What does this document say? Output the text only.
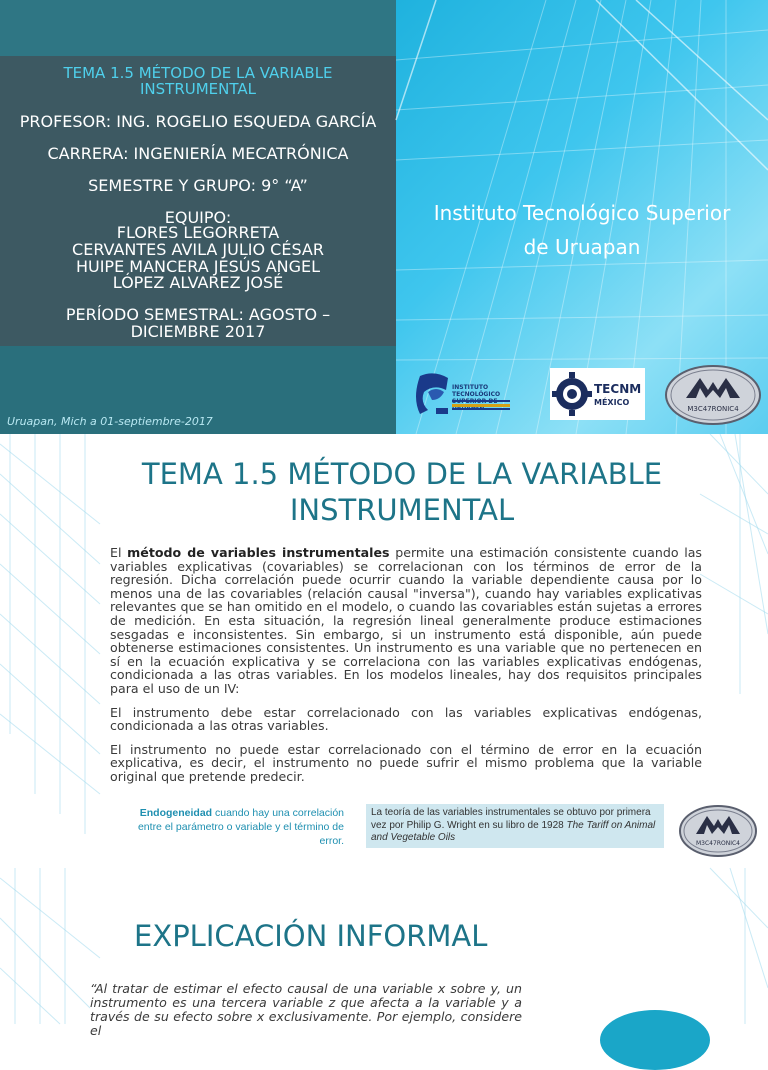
TEMA 1.5 MÉTODO DE LA VARIABLE INSTRUMENTAL
PROFESOR: ING. ROGELIO ESQUEDA GARCÍA
CARRERA: INGENIERÍA MECATRÓNICA
SEMESTRE Y GRUPO: 9° “A”
EQUIPO:
FLORES LEGORRETA
CERVANTES AVILA JULIO CÉSAR
HUIPE MANCERA JESÚS ANGEL
LÓPEZ ALVAREZ JOSÉ
PERÍODO SEMESTRAL: AGOSTO –
DICIEMBRE 2017
Uruapan, Mich a 01-septiembre-2017
Instituto Tecnológico Superior
de Uruapan
INSTITUTO TECNOLÓGICO	TECNM
MÉXICO
M3C47RONIC4
TEMA 1.5 MÉTODO DE LA VARIABLE INSTRUMENTAL

El método de variables instrumentales permite una estimación consistente cuando las variables explicativas (covariables) se correlacionan con los términos de error de la regresión. Dicha correlación puede ocurrir cuando la variable dependiente causa por lo menos una de las covariables (relación causal "inversa"), cuando hay variables explicativas relevantes que se han omitido en el modelo, o cuando las covariables están sujetas a errores de medición. En esta situación, la regresión lineal generalmente produce estimaciones sesgadas e inconsistentes. Sin embargo, si un instrumento está disponible, aún puede obtenerse estimaciones consistentes. Un instrumento es una variable que no pertenecen en sí en la ecuación explicativa y se correlaciona con las variables explicativas endógenas, condicionada a las otras variables. En los modelos lineales, hay dos requisitos principales para el uso de un IV:

El instrumento debe estar correlacionado con las variables explicativas endógenas, condicionada a las otras variables.

El instrumento no puede estar correlacionado con el término de error en la ecuación explicativa, es decir, el instrumento no puede sufrir el mismo problema que la variable original que pretende predecir.

Endogeneidad cuando hay una correlación entre el parámetro o variable y el término de error.
La teoría de las variables instrumentales se obtuvo por primera vez por Philip G. Wright en su libro de 1928 The Tariff on Animal and Vegetable Oils
M3C47RONIC4
EXPLICACIÓN INFORMAL
“Al tratar de estimar el efecto causal de una variable x sobre y, un instrumento es una tercera variable z que afecta a la variable y a través de su efecto sobre x exclusivamente. Por ejemplo, considere el
